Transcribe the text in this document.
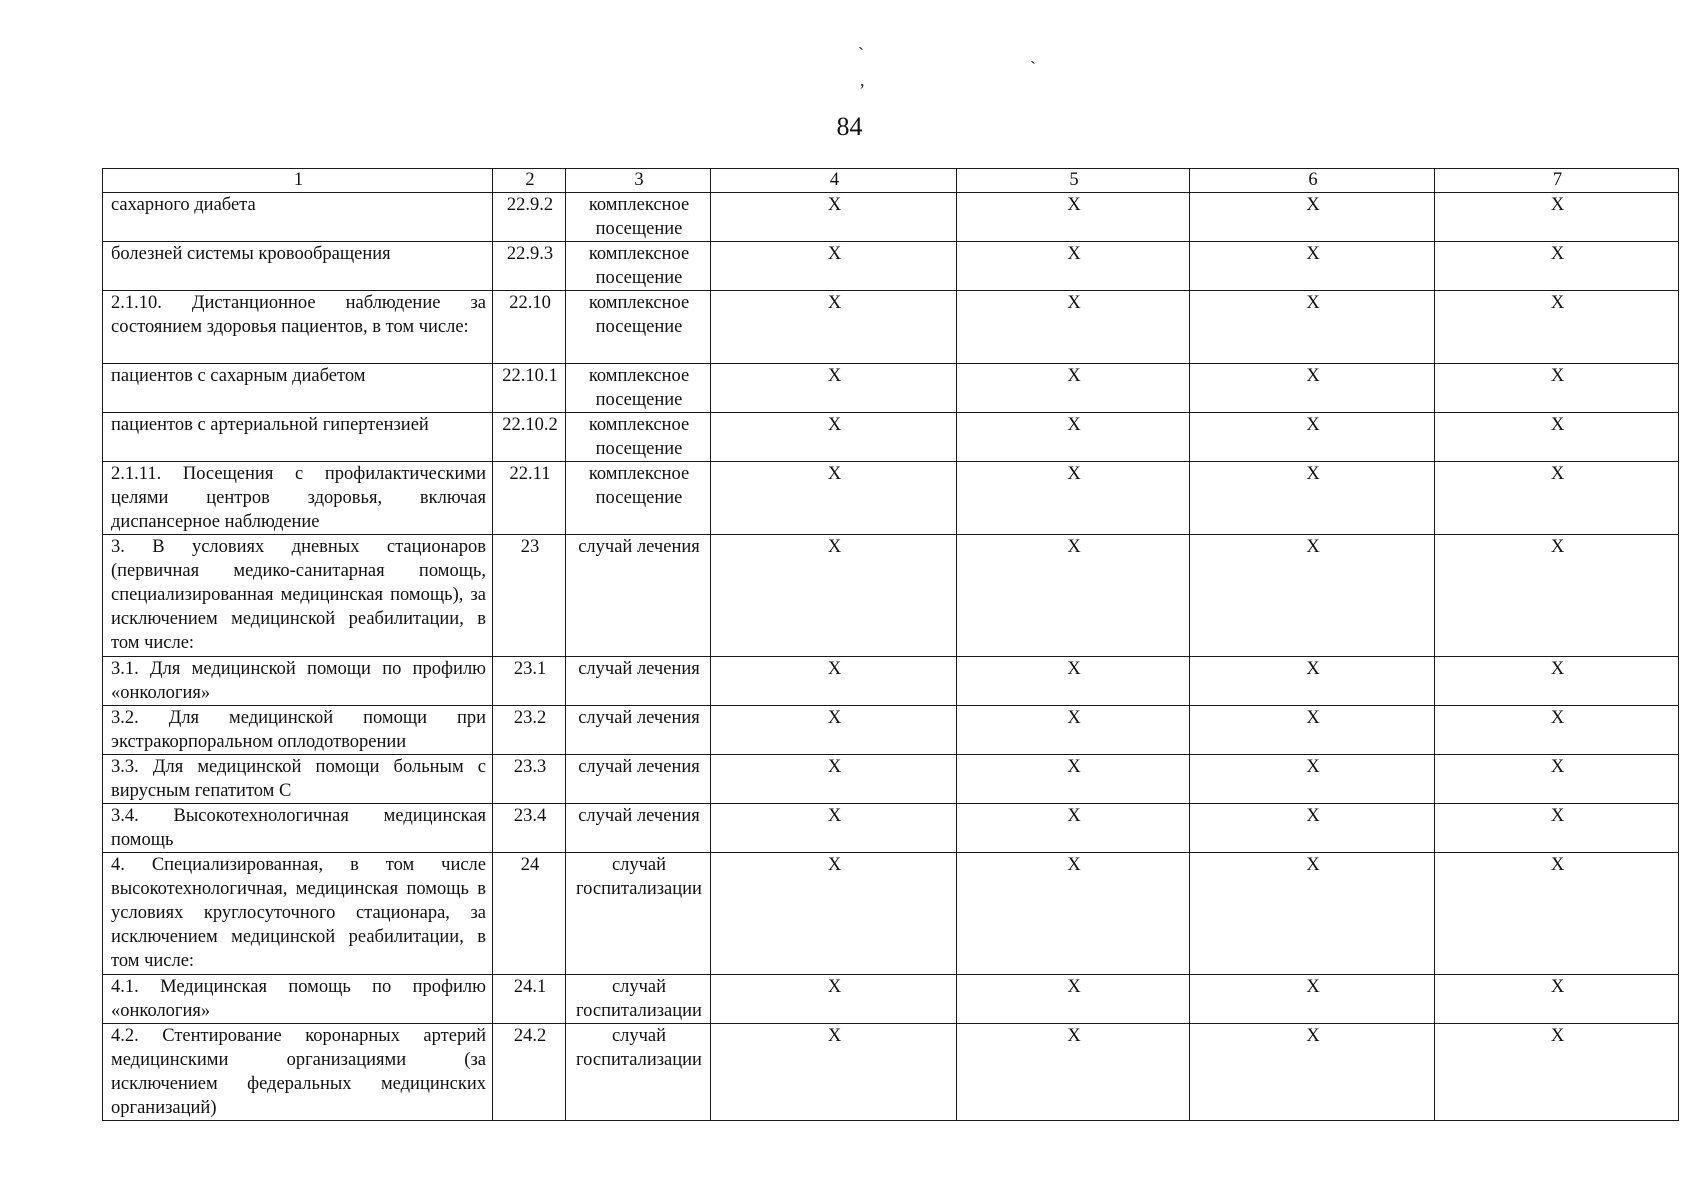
ˋ	ˏ
,
84
1	2	3	4	5	6	7
сахарного диабета	22.9.2	комплексное посещение	Х	Х	Х	Х
болезней системы кровообращения	22.9.3	комплексное посещение	Х	Х	Х	Х
2.1.10. Дистанционное наблюдение за состоянием здоровья пациентов, в том числе:	22.10	комплексное посещение	Х	Х	Х	Х
пациентов с сахарным диабетом	22.10.1	комплексное посещение	Х	Х	Х	Х
пациентов с артериальной гипертензией	22.10.2	комплексное посещение	Х	Х	Х	Х
2.1.11. Посещения с профилактическими целями центров здоровья, включая диспансерное наблюдение	22.11	комплексное посещение	Х	Х	Х	Х
3. В условиях дневных стационаров (первичная медико-санитарная помощь, специализированная медицинская помощь), за исключением медицинской реабилитации, в том числе:	23	случай лечения	Х	Х	Х	Х
3.1. Для медицинской помощи по профилю «онкология»	23.1	случай лечения	Х	Х	Х	Х
3.2. Для медицинской помощи при экстракорпоральном оплодотворении	23.2	случай лечения	Х	Х	Х	Х
3.3. Для медицинской помощи больным с вирусным гепатитом С	23.3	случай лечения	Х	Х	Х	Х
3.4. Высокотехнологичная медицинская помощь	23.4	случай лечения	Х	Х	Х	Х
4. Специализированная, в том числе высокотехнологичная, медицинская помощь в условиях круглосуточного стационара, за исключением медицинской реабилитации, в том числе:	24	случай госпитализации	Х	Х	Х	Х
4.1. Медицинская помощь по профилю «онкология»	24.1	случай госпитализации	Х	Х	Х	Х
4.2. Стентирование коронарных артерий медицинскими организациями (за исключением федеральных медицинских организаций)	24.2	случай госпитализации	Х	Х	Х	Х
